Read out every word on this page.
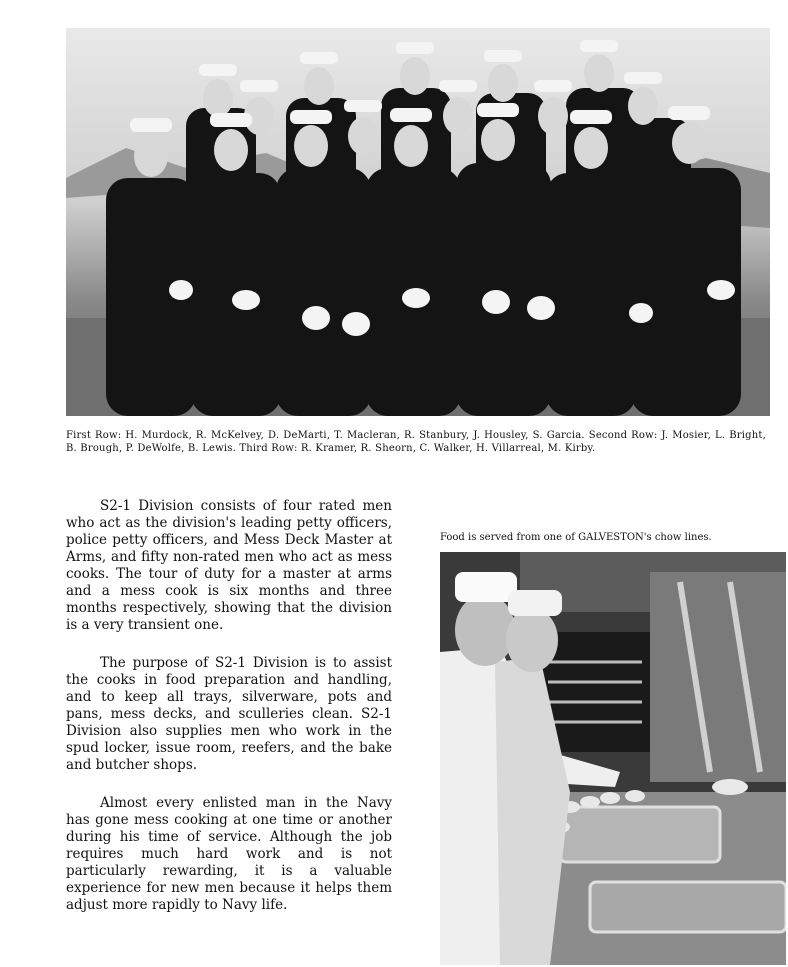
First Row: H. Murdock, R. McKelvey, D. DeMarti, T. Macleran, R. Stanbury, J. Housley, S. Garcia. Second Row: J. Mosier, L. Bright, B. Brough, P. DeWolfe, B. Lewis. Third Row: R. Kramer, R. Sheorn, C. Walker, H. Villarreal, M. Kirby.

S2-1 Division consists of four rated men who act as the division's leading petty officers, police petty officers, and Mess Deck Master at Arms, and fifty non-rated men who act as mess cooks. The tour of duty for a master at arms and a mess cook is six months and three months respectively, showing that the division is a very transient one.

The purpose of S2-1 Division is to assist the cooks in food preparation and handling, and to keep all trays, silverware, pots and pans, mess decks, and sculleries clean. S2-1 Division also supplies men who work in the spud locker, issue room, reefers, and the bake and butcher shops.

Almost every enlisted man in the Navy has gone mess cooking at one time or another during his time of service. Although the job requires much hard work and is not particularly rewarding, it is a valuable experience for new men because it helps them adjust more rapidly to Navy life.

Food is served from one of GALVESTON's chow lines.
